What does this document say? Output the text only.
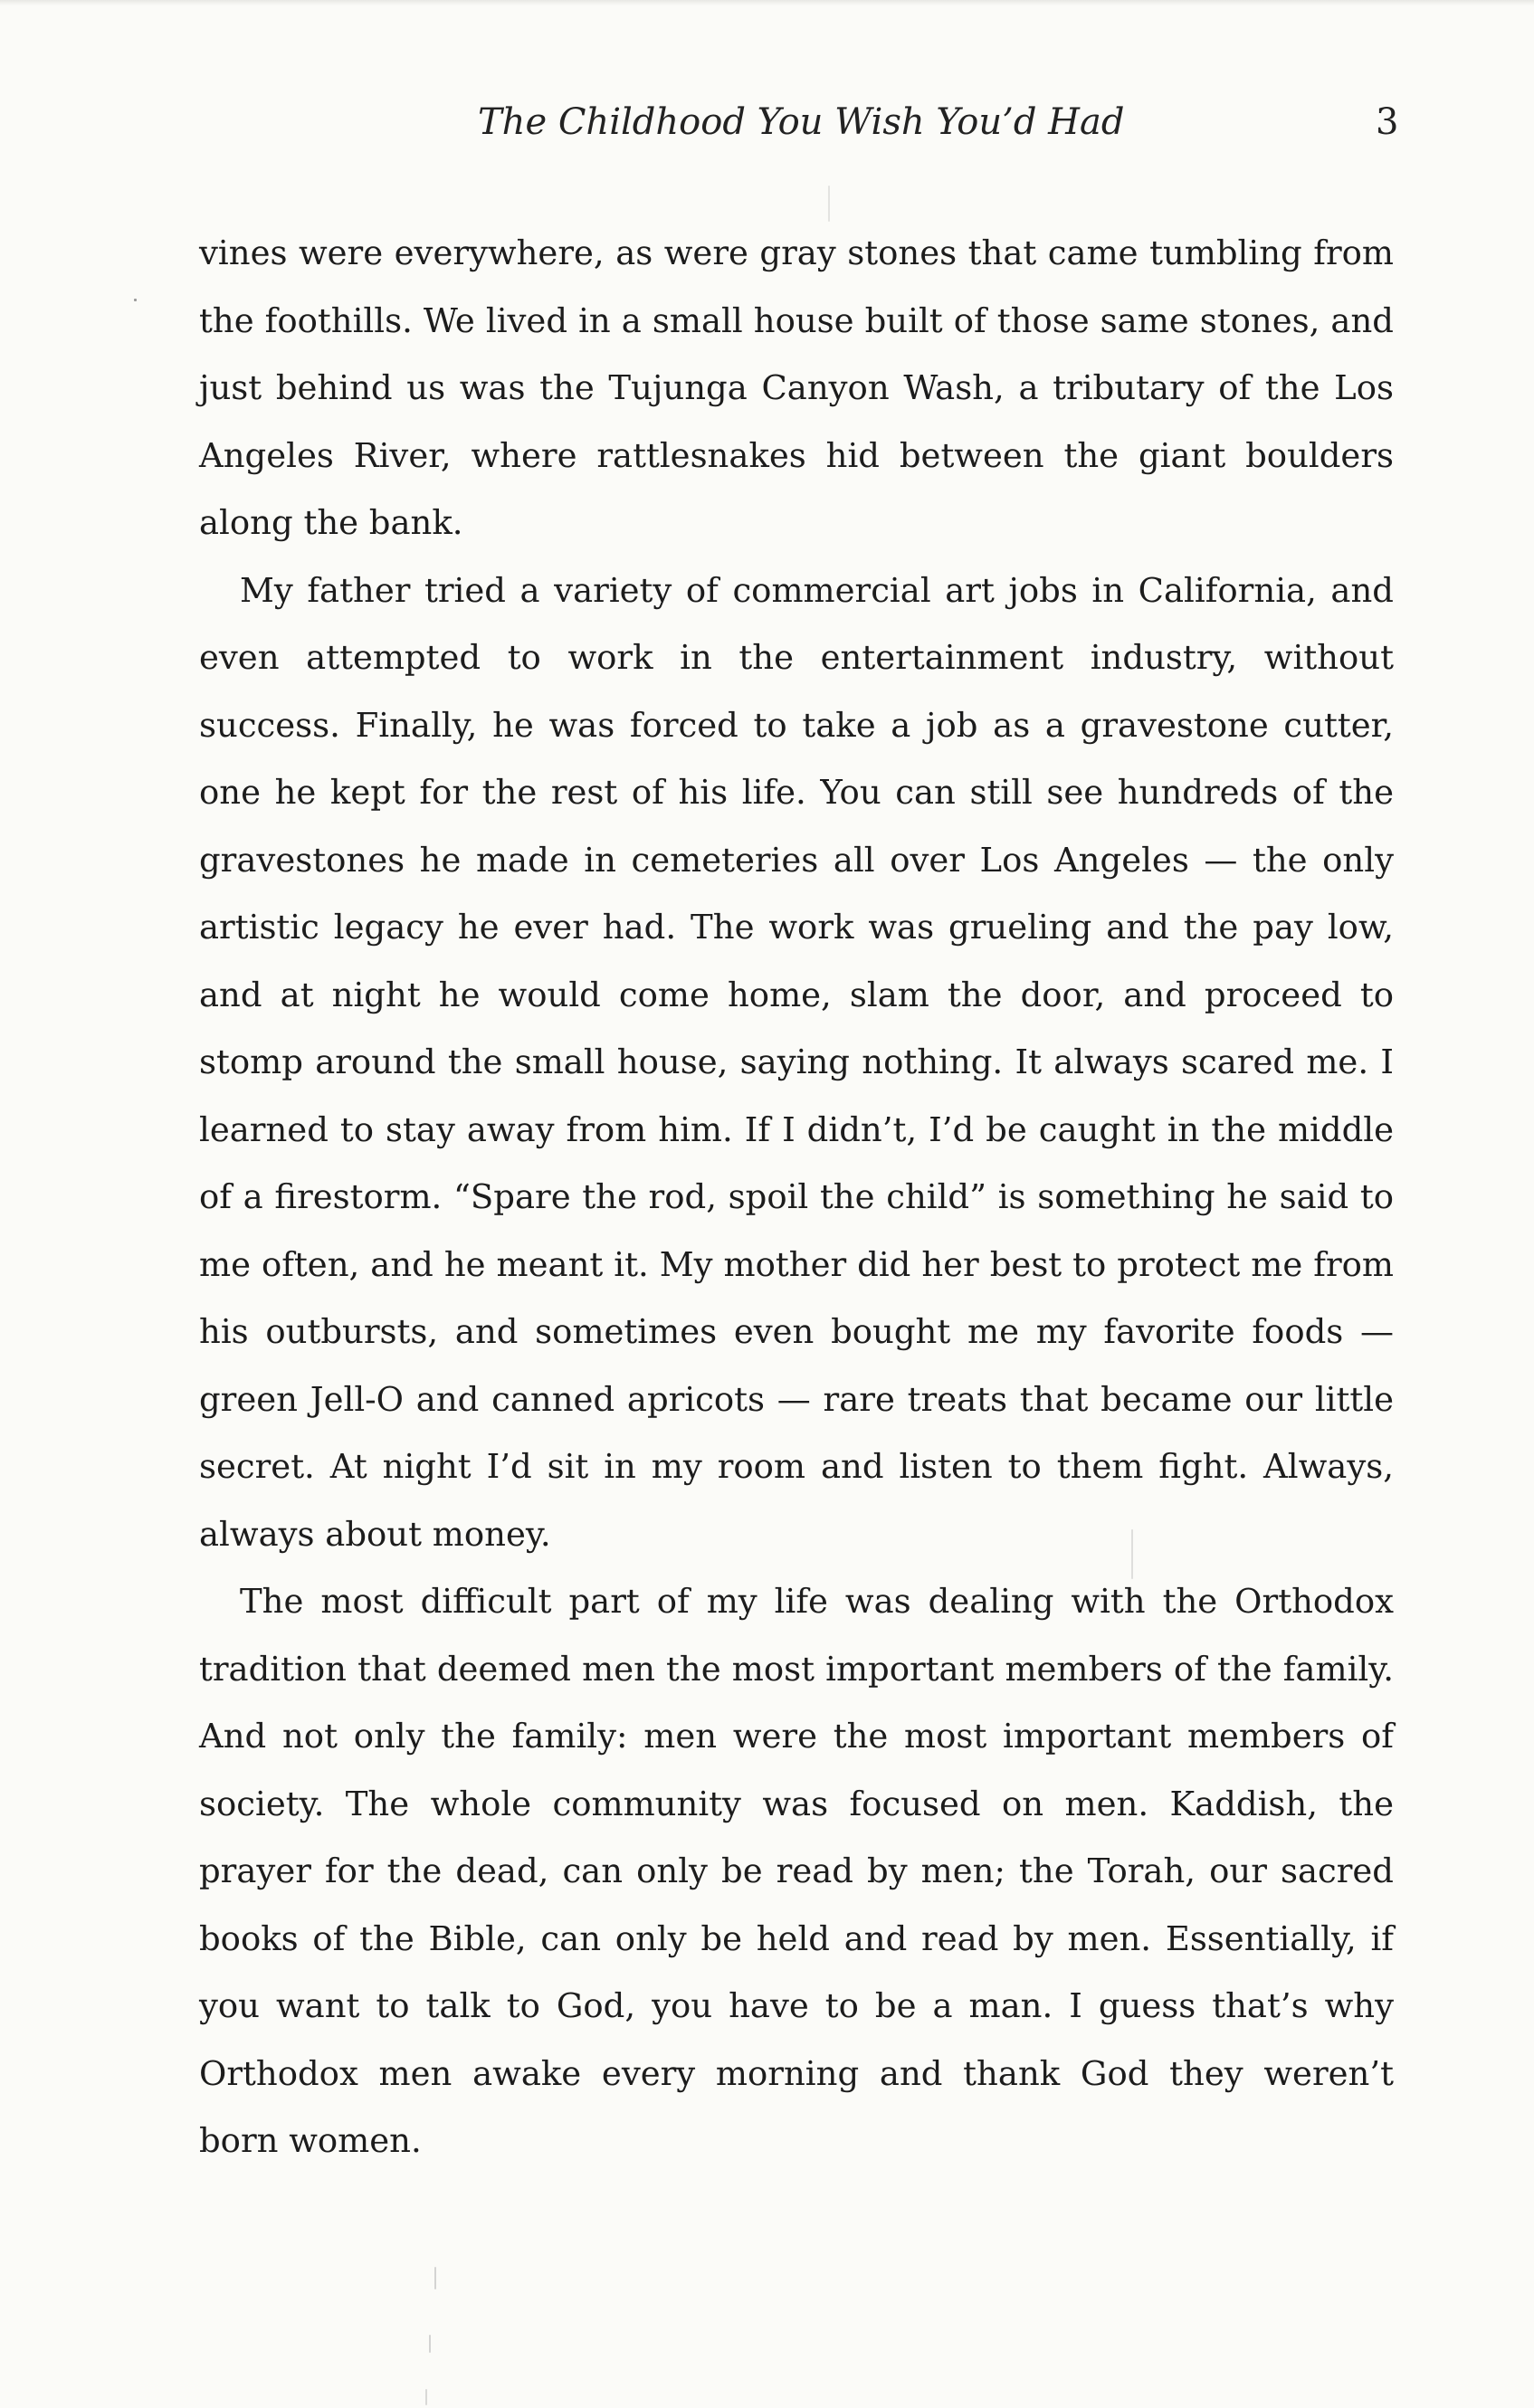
The Childhood You Wish You’d Had	3

vines were everywhere, as were gray stones that came tumbling from the foothills. We lived in a small house built of those same stones, and just behind us was the Tujunga Canyon Wash, a tributary of the Los Angeles River, where rattlesnakes hid between the giant boulders along the bank.

My father tried a variety of commercial art jobs in California, and even attempted to work in the entertainment industry, without success. Finally, he was forced to take a job as a gravestone cutter, one he kept for the rest of his life. You can still see hundreds of the gravestones he made in cemeteries all over Los Angeles — the only artistic legacy he ever had. The work was grueling and the pay low, and at night he would come home, slam the door, and proceed to stomp around the small house, saying nothing. It always scared me. I learned to stay away from him. If I didn’t, I’d be caught in the middle of a firestorm. “Spare the rod, spoil the child” is something he said to me often, and he meant it. My mother did her best to protect me from his outbursts, and sometimes even bought me my favorite foods — green Jell-O and canned apricots — rare treats that became our little secret. At night I’d sit in my room and listen to them fight. Always, always about money.

The most difficult part of my life was dealing with the Orthodox tradition that deemed men the most important members of the family. And not only the family: men were the most important members of society. The whole community was focused on men. Kaddish, the prayer for the dead, can only be read by men; the Torah, our sacred books of the Bible, can only be held and read by men. Essentially, if you want to talk to God, you have to be a man. I guess that’s why Orthodox men awake every morning and thank God they weren’t born women.
